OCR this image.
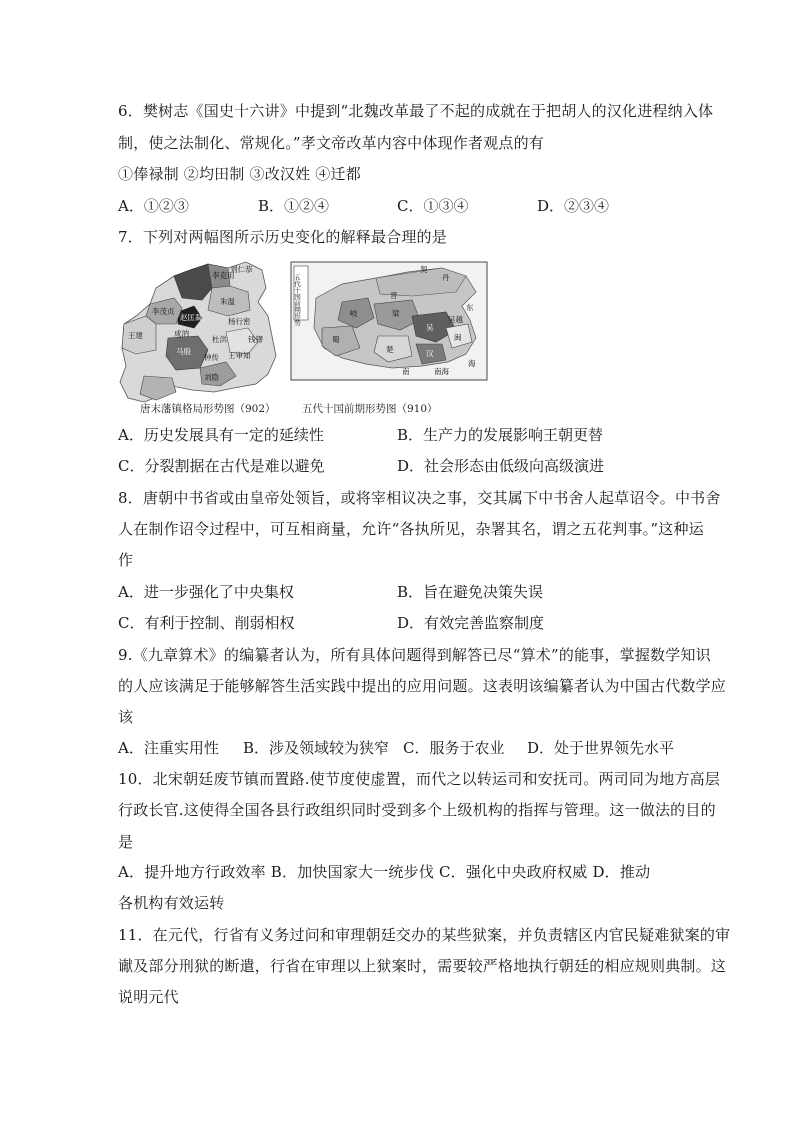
6．樊树志《国史十六讲》中提到“北魏改革最了不起的成就在于把胡人的汉化进程纳入体
制，使之法制化、常规化。”孝文帝改革内容中体现作者观点的有
①俸禄制 ②均田制 ③改汉姓 ④迁都
A．①②③	B．①②④	C．①③④	D．②③④
7．下列对两幅图所示历史变化的解释最合理的是
李克用
刘仁恭
朱温
李茂贞
王建
赵匡凝	杨行密
成汭
钱镠
杜洪
马殷	王审知
刘隐
钟传
五代十国前期形势
契
丹
晋
岐	梁
蜀
吴
楚	汉
闽
吴越
东
南
海
南海
唐末藩镇格局形势图（902）	五代十国前期形势图（910）
A．历史发展具有一定的延续性	B．生产力的发展影响王朝更替
C．分裂割据在古代是难以避免	D．社会形态由低级向高级演进
8．唐朝中书省或由皇帝处领旨，或将宰相议决之事，交其属下中书舍人起草诏令。中书舍
人在制作诏令过程中，可互相商量，允许“各执所见，杂署其名，谓之五花判事。”这种运
作
A．进一步强化了中央集权	B．旨在避免决策失误
C．有利于控制、削弱相权	D．有效完善监察制度
9.《九章算术》的编纂者认为，所有具体问题得到解答已尽“算术”的能事，掌握数学知识
的人应该满足于能够解答生活实践中提出的应用问题。这表明该编纂者认为中国古代数学应
该
A．注重实用性 B．涉及领域较为狭窄 C．服务于农业 D．处于世界领先水平
10．北宋朝廷废节镇而置路.使节度使虚置，而代之以转运司和安抚司。两司同为地方高层
行政长官.这使得全国各县行政组织同时受到多个上级机构的指挥与管理。这一做法的目的
是
A．提升地方行政效率 B．加快国家大一统步伐 C．强化中央政府权威 D．推动
各机构有效运转
11．在元代，行省有义务过问和审理朝廷交办的某些狱案，并负责辖区内官民疑难狱案的审
谳及部分刑狱的断遣，行省在审理以上狱案时，需要较严格地执行朝廷的相应规则典制。这
说明元代
